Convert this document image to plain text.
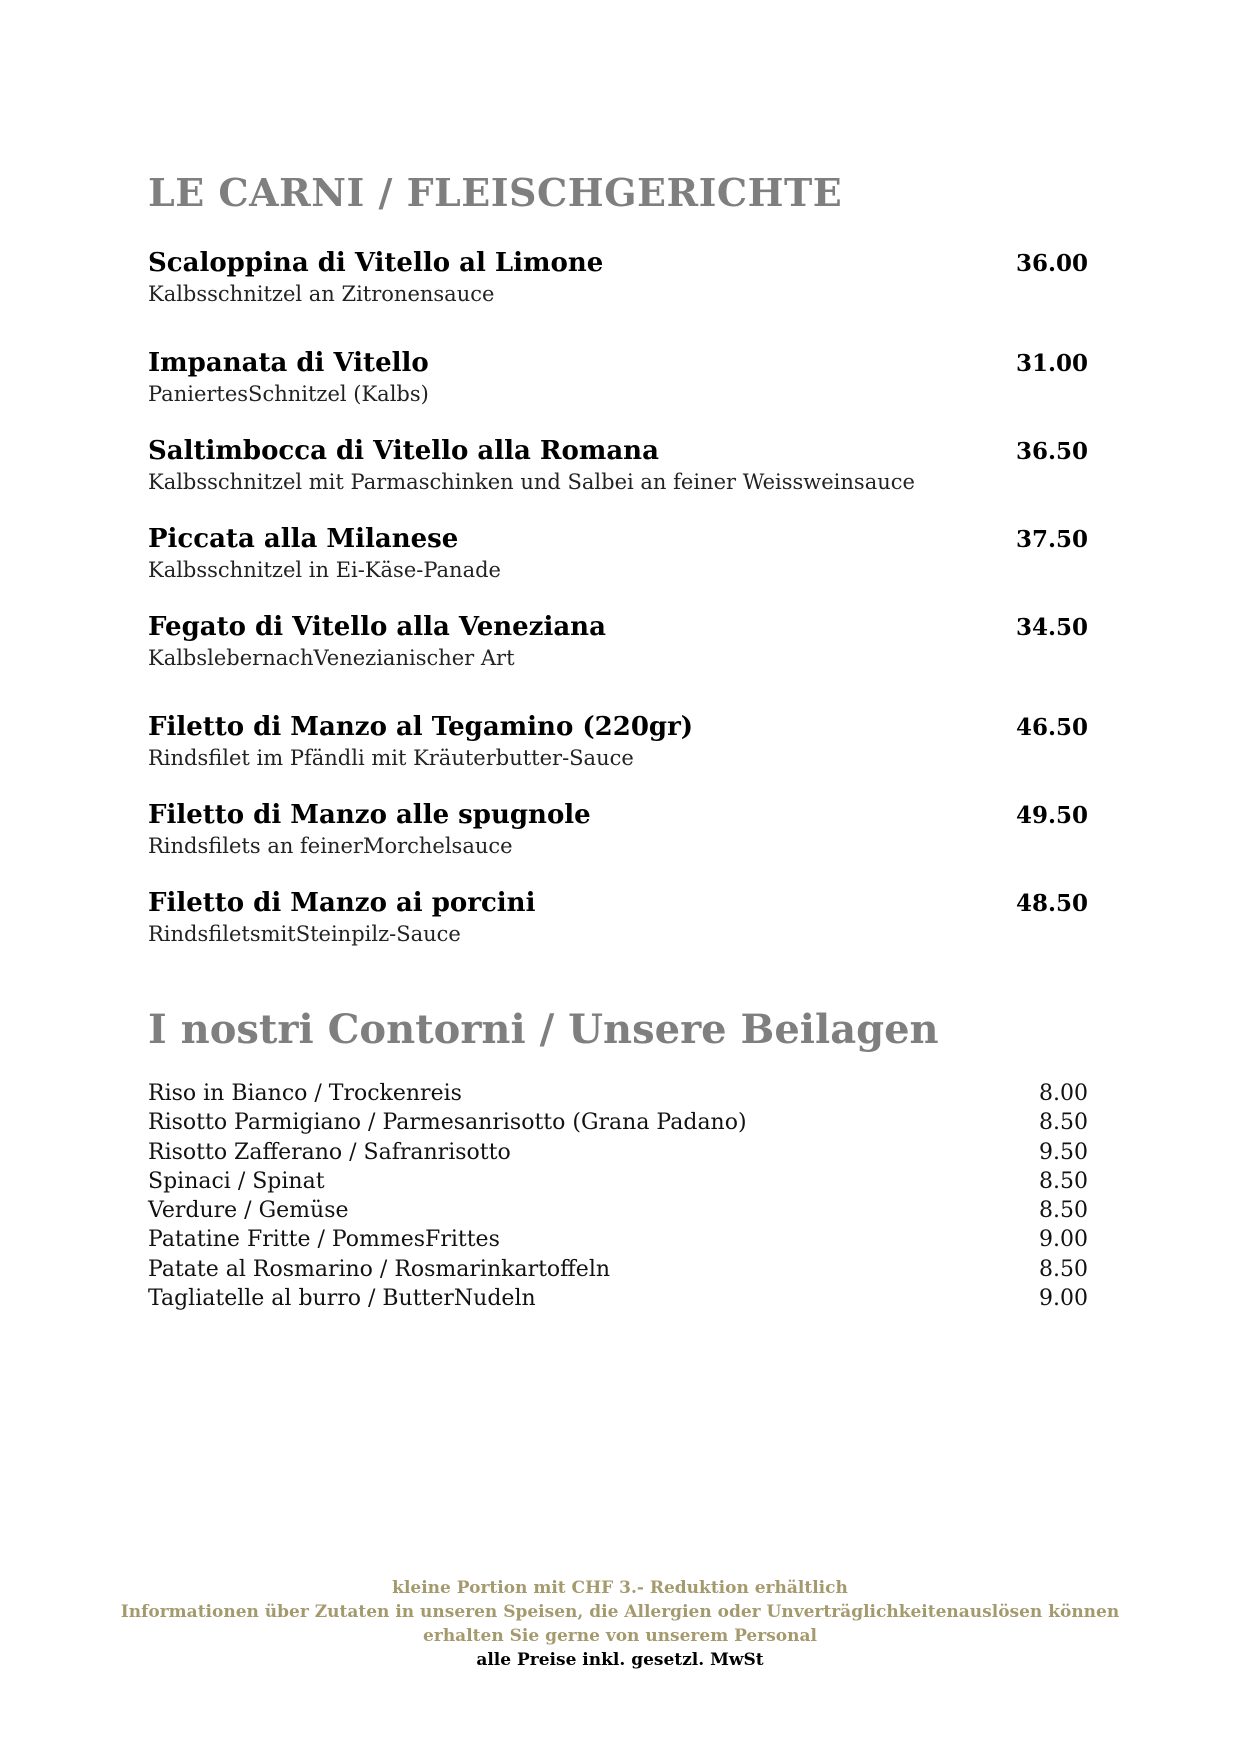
LE CARNI / FLEISCHGERICHTE
Scaloppina di Vitello al Limone	36.00
Kalbsschnitzel an Zitronensauce
Impanata di Vitello	31.00
PaniertesSchnitzel (Kalbs)
Saltimbocca di Vitello alla Romana	36.50
Kalbsschnitzel mit Parmaschinken und Salbei an feiner Weissweinsauce
Piccata alla Milanese	37.50
Kalbsschnitzel in Ei-Käse-Panade
Fegato di Vitello alla Veneziana	34.50
KalbslebernachVenezianischer Art
Filetto di Manzo al Tegamino (220gr)	46.50
Rindsfilet im Pfändli mit Kräuterbutter-Sauce
Filetto di Manzo alle spugnole	49.50
Rindsfilets an feinerMorchelsauce
Filetto di Manzo ai porcini	48.50
RindsfiletsmitSteinpilz-Sauce
I nostri Contorni / Unsere Beilagen
Riso in Bianco / Trockenreis	8.00
Risotto Parmigiano / Parmesanrisotto (Grana Padano)	8.50
Risotto Zafferano / Safranrisotto	9.50
Spinaci / Spinat	8.50
Verdure / Gemüse	8.50
Patatine Fritte / PommesFrittes	9.00
Patate al Rosmarino / Rosmarinkartoffeln	8.50
Tagliatelle al burro / ButterNudeln	9.00
kleine Portion mit CHF 3.- Reduktion erhältlich
Informationen über Zutaten in unseren Speisen, die Allergien oder Unverträglichkeitenauslösen können
erhalten Sie gerne von unserem Personal
alle Preise inkl. gesetzl. MwSt
